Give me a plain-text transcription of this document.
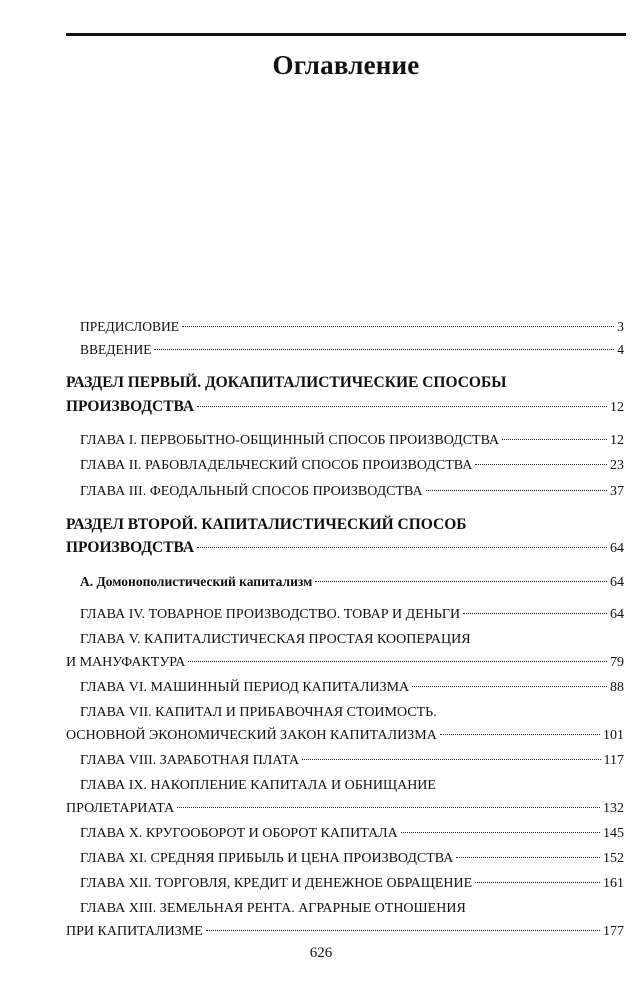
Оглавление
ПРЕДИСЛОВИЕ	3
ВВЕДЕНИЕ	4
РАЗДЕЛ ПЕРВЫЙ. ДОКАПИТАЛИСТИЧЕСКИЕ СПОСОБЫ
ПРОИЗВОДСТВА	12
ГЛАВА I. ПЕРВОБЫТНО-ОБЩИННЫЙ СПОСОБ ПРОИЗВОДСТВА	12
ГЛАВА II. РАБОВЛАДЕЛЬЧЕСКИЙ СПОСОБ ПРОИЗВОДСТВА	23
ГЛАВА III. ФЕОДАЛЬНЫЙ СПОСОБ ПРОИЗВОДСТВА	37
РАЗДЕЛ ВТОРОЙ. КАПИТАЛИСТИЧЕСКИЙ СПОСОБ
ПРОИЗВОДСТВА	64
А. Домонополистический капитализм	64
ГЛАВА IV. ТОВАРНОЕ ПРОИЗВОДСТВО. ТОВАР И ДЕНЬГИ	64
ГЛАВА V. КАПИТАЛИСТИЧЕСКАЯ ПРОСТАЯ КООПЕРАЦИЯ
И МАНУФАКТУРА	79
ГЛАВА VI. МАШИННЫЙ ПЕРИОД КАПИТАЛИЗМА	88
ГЛАВА VII. КАПИТАЛ И ПРИБАВОЧНАЯ СТОИМОСТЬ.
ОСНОВНОЙ ЭКОНОМИЧЕСКИЙ ЗАКОН КАПИТАЛИЗМА	101
ГЛАВА VIII. ЗАРАБОТНАЯ ПЛАТА	117
ГЛАВА IX. НАКОПЛЕНИЕ КАПИТАЛА И ОБНИЩАНИЕ
ПРОЛЕТАРИАТА	132
ГЛАВА X. КРУГООБОРОТ И ОБОРОТ КАПИТАЛА	145
ГЛАВА XI. СРЕДНЯЯ ПРИБЫЛЬ И ЦЕНА ПРОИЗВОДСТВА	152
ГЛАВА XII. ТОРГОВЛЯ, КРЕДИТ И ДЕНЕЖНОЕ ОБРАЩЕНИЕ	161
ГЛАВА XIII. ЗЕМЕЛЬНАЯ РЕНТА. АГРАРНЫЕ ОТНОШЕНИЯ
ПРИ КАПИТАЛИЗМЕ	177
626
